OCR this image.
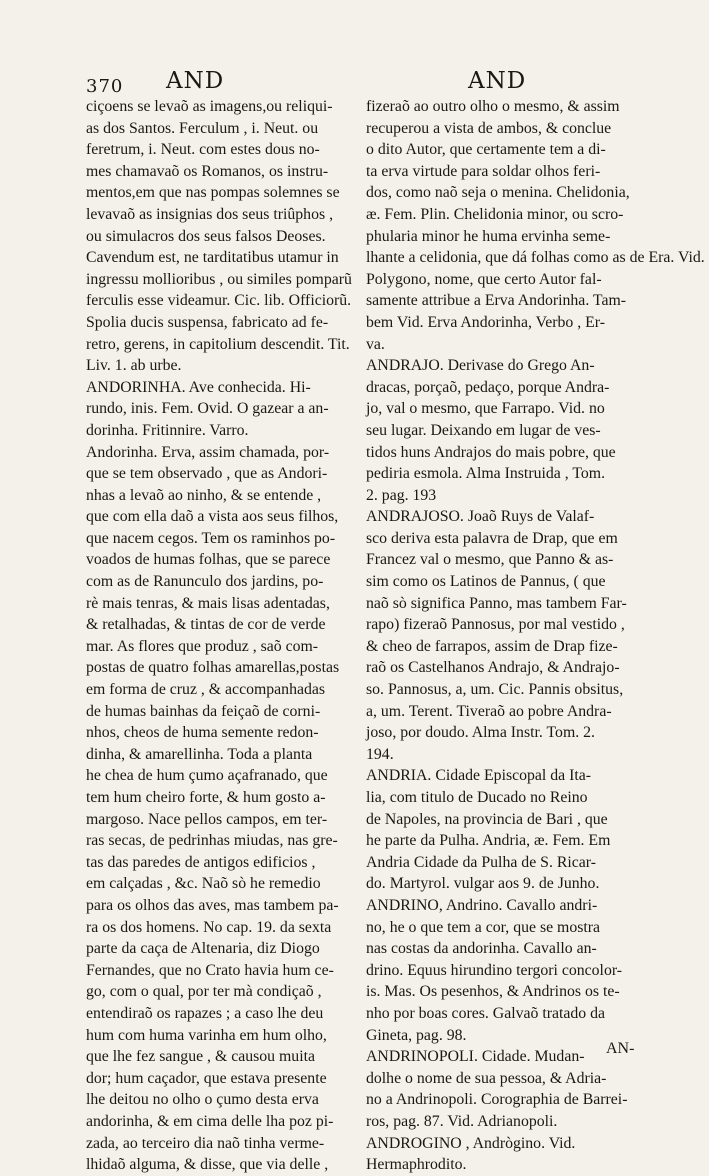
370 AND	AND
ciçoens se levaõ as imagens,ou reliqui-
as dos Santos. Ferculum , i. Neut. ou
feretrum, i. Neut. com estes dous no-
mes chamavaõ os Romanos, os instru-
mentos,em que nas pompas solemnes se
levavaõ as insignias dos seus triûphos ,
ou simulacros dos seus falsos Deoses.
Cavendum est, ne tarditatibus utamur in
ingressu mollioribus , ou similes pomparũ
ferculis esse videamur. Cic. lib. Officiorũ.
Spolia ducis suspensa, fabricato ad fe-
retro, gerens, in capitolium descendit. Tit.
Liv. 1. ab urbe.
ANDORINHA. Ave conhecida. Hi-
rundo, inis. Fem. Ovid. O gazear a an-
dorinha. Fritinnire. Varro.
Andorinha. Erva, assim chamada, por-
que se tem observado , que as Andori-
nhas a levaõ ao ninho, & se entende ,
que com ella daõ a vista aos seus filhos,
que nacem cegos. Tem os raminhos po-
voados de humas folhas, que se parece
com as de Ranunculo dos jardins, po-
rè mais tenras, & mais lisas adentadas,
& retalhadas, & tintas de cor de verde
mar. As flores que produz , saõ com-
postas de quatro folhas amarellas,postas
em forma de cruz , & accompanhadas
de humas bainhas da feiçaõ de corni-
nhos, cheos de huma semente redon-
dinha, & amarellinha. Toda a planta
he chea de hum çumo açafranado, que
tem hum cheiro forte, & hum gosto a-
margoso. Nace pellos campos, em ter-
ras secas, de pedrinhas miudas, nas gre-
tas das paredes de antigos edificios ,
em calçadas , &c. Naõ sò he remedio
para os olhos das aves, mas tambem pa-
ra os dos homens. No cap. 19. da sexta
parte da caça de Altenaria, diz Diogo
Fernandes, que no Crato havia hum ce-
go, com o qual, por ter mà condiçaõ ,
entendiraõ os rapazes ; a caso lhe deu
hum com huma varinha em hum olho,
que lhe fez sangue , & causou muita
dor; hum caçador, que estava presente
lhe deitou no olho o çumo desta erva
andorinha, & em cima delle lha poz pi-
zada, ao terceiro dia naõ tinha verme-
lhidaõ alguma, & disse, que via delle ,
fizeraõ ao outro olho o mesmo, & assim
recuperou a vista de ambos, & conclue
o dito Autor, que certamente tem a di-
ta erva virtude para soldar olhos feri-
dos, como naõ seja o menina. Chelidonia,
æ. Fem. Plin. Chelidonia minor, ou scro-
phularia minor he huma ervinha seme-
lhante a celidonia, que dá folhas como as de Era. Vid.
Polygono, nome, que certo Autor fal-
samente attribue a Erva Andorinha. Tam-
bem Vid. Erva Andorinha, Verbo , Er-
va.
ANDRAJO. Derivase do Grego An-
dracas, porçaõ, pedaço, porque Andra-
jo, val o mesmo, que Farrapo. Vid. no
seu lugar. Deixando em lugar de ves-
tidos huns Andrajos do mais pobre, que
pediria esmola. Alma Instruida , Tom.
2. pag. 193
ANDRAJOSO. Joaõ Ruys de Valaf-
sco deriva esta palavra de Drap, que em
Francez val o mesmo, que Panno & as-
sim como os Latinos de Pannus, ( que
naõ sò significa Panno, mas tambem Far-
rapo) fizeraõ Pannosus, por mal vestido ,
& cheo de farrapos, assim de Drap fize-
raõ os Castelhanos Andrajo, & Andrajo-
so. Pannosus, a, um. Cic. Pannis obsitus,
a, um. Terent. Tiveraõ ao pobre Andra-
joso, por doudo. Alma Instr. Tom. 2.
194.
ANDRIA. Cidade Episcopal da Ita-
lia, com titulo de Ducado no Reino
de Napoles, na provincia de Bari , que
he parte da Pulha. Andria, æ. Fem. Em
Andria Cidade da Pulha de S. Ricar-
do. Martyrol. vulgar aos 9. de Junho.
ANDRINO, Andrino. Cavallo andri-
no, he o que tem a cor, que se mostra
nas costas da andorinha. Cavallo an-
drino. Equus hirundino tergori concolor-
is. Mas. Os pesenhos, & Andrinos os te-
nho por boas cores. Galvaõ tratado da
Gineta, pag. 98.
ANDRINOPOLI. Cidade. Mudan-
dolhe o nome de sua pessoa, & Adria-
no a Andrinopoli. Corographia de Barrei-
ros, pag. 87. Vid. Adrianopoli.
ANDROGINO , Andrògino. Vid.
Hermaphrodito.
AN-
